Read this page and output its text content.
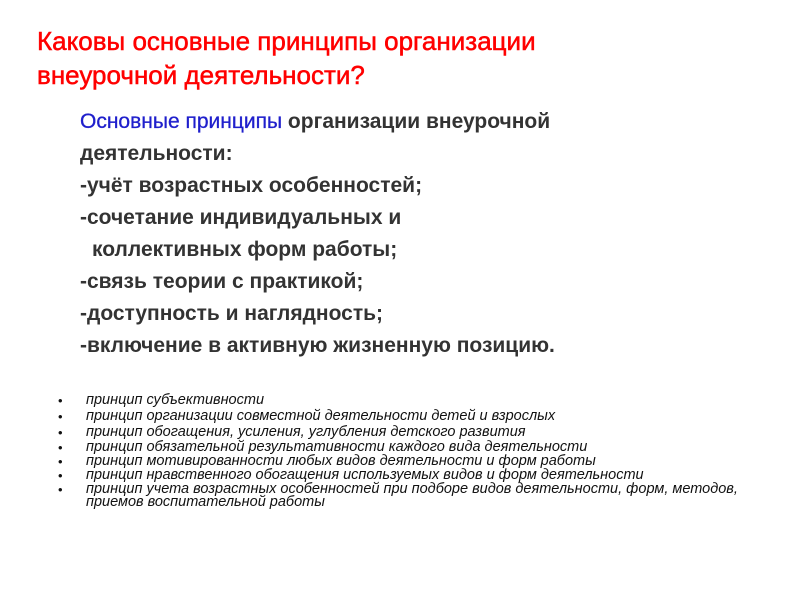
Каковы основные принципы организации
внеурочной деятельности?
Основные принципы организации внеурочной
деятельности:
-учёт возрастных особенностей;
-сочетание индивидуальных и
коллективных форм работы;
-связь теории с практикой;
-доступность и наглядность;
-включение в активную жизненную позицию.
• принцип субъективности
• принцип организации совместной деятельности детей и взрослых
• принцип обогащения, усиления, углубления детского развития
• принцип обязательной результативности каждого вида деятельности
• принцип мотивированности любых видов деятельности и форм работы
• принцип нравственного обогащения используемых видов и форм деятельности
• принцип учета возрастных особенностей при подборе видов деятельности, форм, методов, приемов воспитательной работы
